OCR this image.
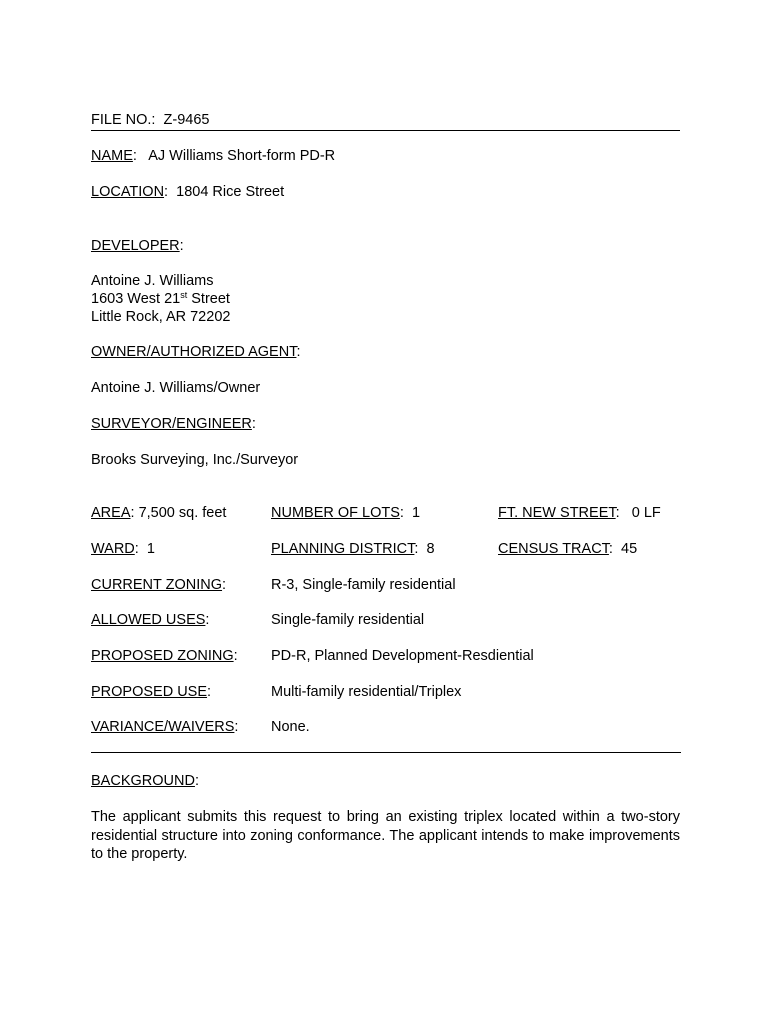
FILE NO.: Z-9465
NAME:   AJ Williams Short-form PD-R
LOCATION:  1804 Rice Street
DEVELOPER:
Antoine J. Williams
1603 West 21st Street
Little Rock, AR 72202
OWNER/AUTHORIZED AGENT:
Antoine J. Williams/Owner
SURVEYOR/ENGINEER:
Brooks Surveying, Inc./Surveyor
AREA: 7,500 sq. feet	NUMBER OF LOTS:  1	FT. NEW STREET:   0 LF
WARD:  1	PLANNING DISTRICT:  8	CENSUS TRACT:  45
CURRENT ZONING:	R-3, Single-family residential
ALLOWED USES:	Single-family residential
PROPOSED ZONING: PD-R, Planned Development-Resdiential
PROPOSED USE:	Multi-family residential/Triplex
VARIANCE/WAIVERS: None.
BACKGROUND:
The applicant submits this request to bring an existing triplex located within a two-story residential structure into zoning conformance. The applicant intends to make improvements to the property.
